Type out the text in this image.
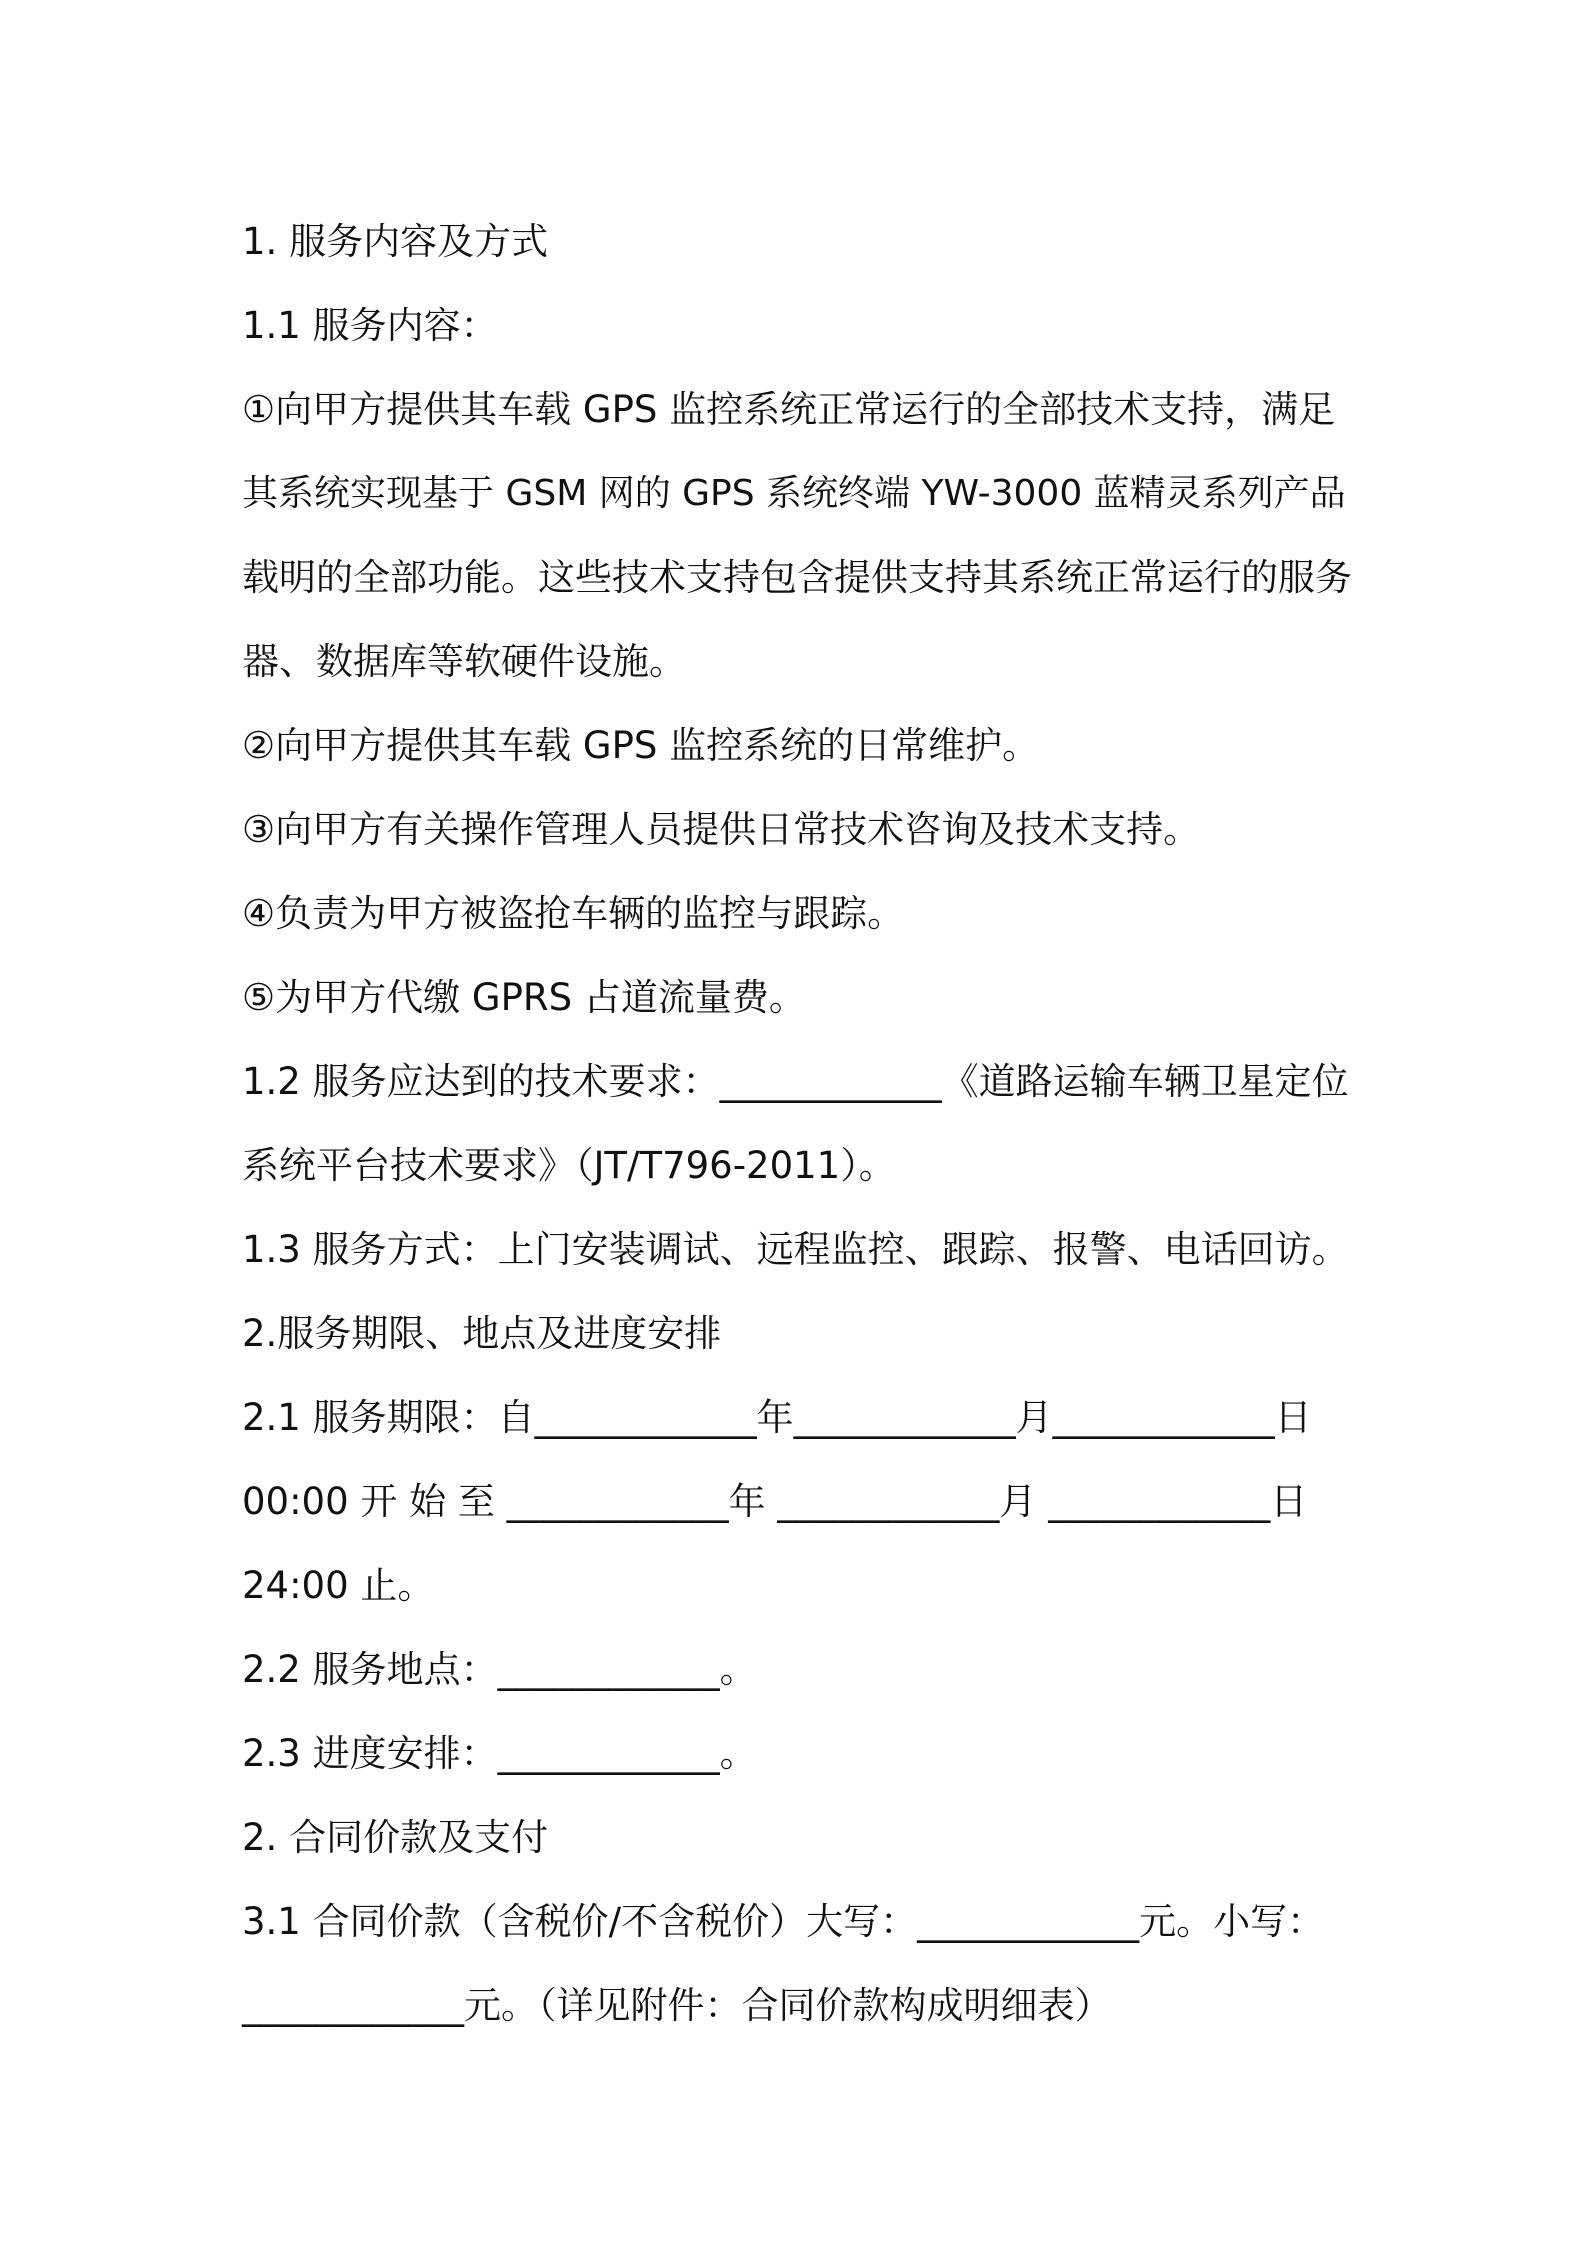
1. 服务内容及方式
1.1 服务内容：
①向甲方提供其车载 GPS 监控系统正常运行的全部技术支持，满足
其系统实现基于 GSM 网的 GPS 系统终端 YW-3000 蓝精灵系列产品
载明的全部功能。这些技术支持包含提供支持其系统正常运行的服务
器、数据库等软硬件设施。
②向甲方提供其车载 GPS 监控系统的日常维护。
③向甲方有关操作管理人员提供日常技术咨询及技术支持。
④负责为甲方被盗抢车辆的监控与跟踪。
⑤为甲方代缴 GPRS 占道流量费。
1.2 服务应达到的技术要求：____________《道路运输车辆卫星定位
系统平台技术要求》（JT/T796-2011）。
1.3 服务方式：上门安装调试、远程监控、跟踪、报警、电话回访。
2.服务期限、地点及进度安排
2.1 服务期限：自____________年____________月____________日
00:00 开 始 至 ____________年 ____________月 ____________日
24:00 止。
2.2 服务地点：____________。
2.3 进度安排：____________。
2. 合同价款及支付
3.1 合同价款（含税价/不含税价）大写：____________元。小写：
____________元。（详见附件：合同价款构成明细表）
